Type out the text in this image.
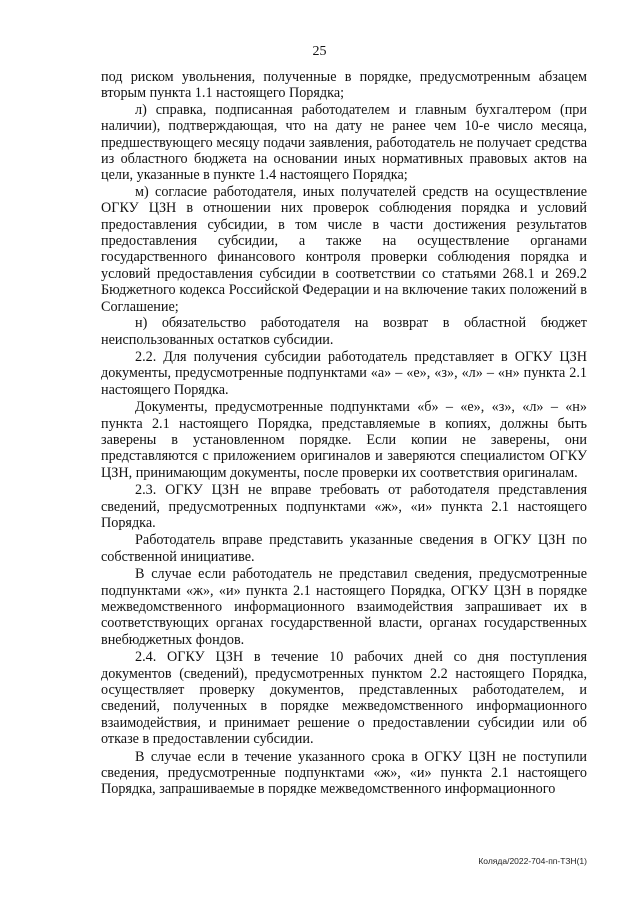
25

под риском увольнения, полученные в порядке, предусмотренным абзацем вторым пункта 1.1 настоящего Порядка;

л) справка, подписанная работодателем и главным бухгалтером (при наличии), подтверждающая, что на дату не ранее чем 10-е число месяца, предшествующего месяцу подачи заявления, работодатель не получает средства из областного бюджета на основании иных нормативных правовых актов на цели, указанные в пункте 1.4 настоящего Порядка;

м) согласие работодателя, иных получателей средств на осуществление ОГКУ ЦЗН в отношении них проверок соблюдения порядка и условий предоставления субсидии, в том числе в части достижения результатов предоставления субсидии, а также на осуществление органами государственного финансового контроля проверки соблюдения порядка и условий предоставления субсидии в соответствии со статьями 268.1 и 269.2 Бюджетного кодекса Российской Федерации и на включение таких положений в Соглашение;

н) обязательство работодателя на возврат в областной бюджет неиспользованных остатков субсидии.

2.2. Для получения субсидии работодатель представляет в ОГКУ ЦЗН документы, предусмотренные подпунктами «а» – «е», «з», «л» – «н» пункта 2.1 настоящего Порядка.

Документы, предусмотренные подпунктами «б» – «е», «з», «л» – «н» пункта 2.1 настоящего Порядка, представляемые в копиях, должны быть заверены в установленном порядке. Если копии не заверены, они представляются с приложением оригиналов и заверяются специалистом ОГКУ ЦЗН, принимающим документы, после проверки их соответствия оригиналам.

2.3. ОГКУ ЦЗН не вправе требовать от работодателя представления сведений, предусмотренных подпунктами «ж», «и» пункта 2.1 настоящего Порядка.

Работодатель вправе представить указанные сведения в ОГКУ ЦЗН по собственной инициативе.

В случае если работодатель не представил сведения, предусмотренные подпунктами «ж», «и» пункта 2.1 настоящего Порядка, ОГКУ ЦЗН в порядке межведомственного информационного взаимодействия запрашивает их в соответствующих органах государственной власти, органах государственных внебюджетных фондов.

2.4. ОГКУ ЦЗН в течение 10 рабочих дней со дня поступления документов (сведений), предусмотренных пунктом 2.2 настоящего Порядка, осуществляет проверку документов, представленных работодателем, и сведений, полученных в порядке межведомственного информационного взаимодействия, и принимает решение о предоставлении субсидии или об отказе в предоставлении субсидии.

В случае если в течение указанного срока в ОГКУ ЦЗН не поступили сведения, предусмотренные подпунктами «ж», «и» пункта 2.1 настоящего Порядка, запрашиваемые в порядке межведомственного информационного

Колядa/2022-704-пп-ТЗН(1)
